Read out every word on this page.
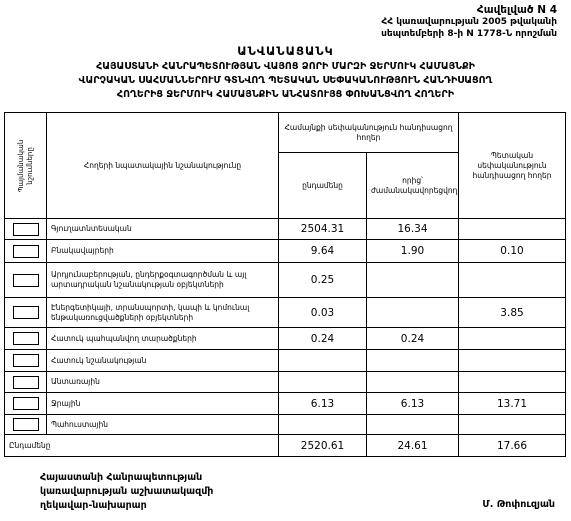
Հավելված N 4
ՀՀ կառավարության 2005 թվականի
սեպտեմբերի 8-ի N 1778-Ն որոշման
ԱՆՎԱՆԱՑԱՆԿ
ՀԱՅԱՍՏԱՆԻ ՀԱՆՐԱՊԵՏՈՒԹՅԱՆ ՎԱՅՈՑ ՁՈՐԻ ՄԱՐԶԻ ՋԵՐՄՈՒԿ ՀԱՄԱՅՆՔԻ
ՎԱՐՉԱԿԱՆ ՍԱՀՄԱՆՆԵՐՈՒՄ ԳՏՆՎՈՂ ՊԵՏԱԿԱՆ ՍԵՓԱԿԱՆՈՒԹՅՈՒՆ ՀԱՆԴԻՍԱՑՈՂ
ՀՈՂԵՐԻՑ ՋԵՐՄՈՒԿ ՀԱՄԱՅՆՔԻՆ ԱՆՀԱՏՈՒՅՑ ՓՈԽԱՆՑՎՈՂ ՀՈՂԵՐԻ
Պայմանական նշումները	Հողերի նպատակային նշանակությունը	Համայնքի սեփականություն հանդիսացող հողեր		Պետական սեփականություն հանդիսացող հողեր
		ընդամենը	որից՝ ժամանակավորեցվող	

	Գյուղատնտեսական	2504.31	16.34	

	Բնակավայրերի	9.64	1.90	0.10

	Արդյունաբերության, ընդերքօգտագործման և այլ արտադրական նշանակության օբյեկտների	0.25		

	Էներգետիկայի, տրանսպորտի, կապի և կոմունալ ենթակառուցվածքների օբյեկտների	0.03		3.85

	Հատուկ պահպանվող տարածքների	0.24	0.24	

	Հատուկ նշանակության			

	Անտառային			

	Ջրային	6.13	6.13	13.71

	Պահուստային			
Ընդամենը		2520.61	24.61	17.66
Հայաստանի Հանրապետության
կառավարության աշխատակազմի
ղեկավար-նախարար	Մ. Թոփուզյան
